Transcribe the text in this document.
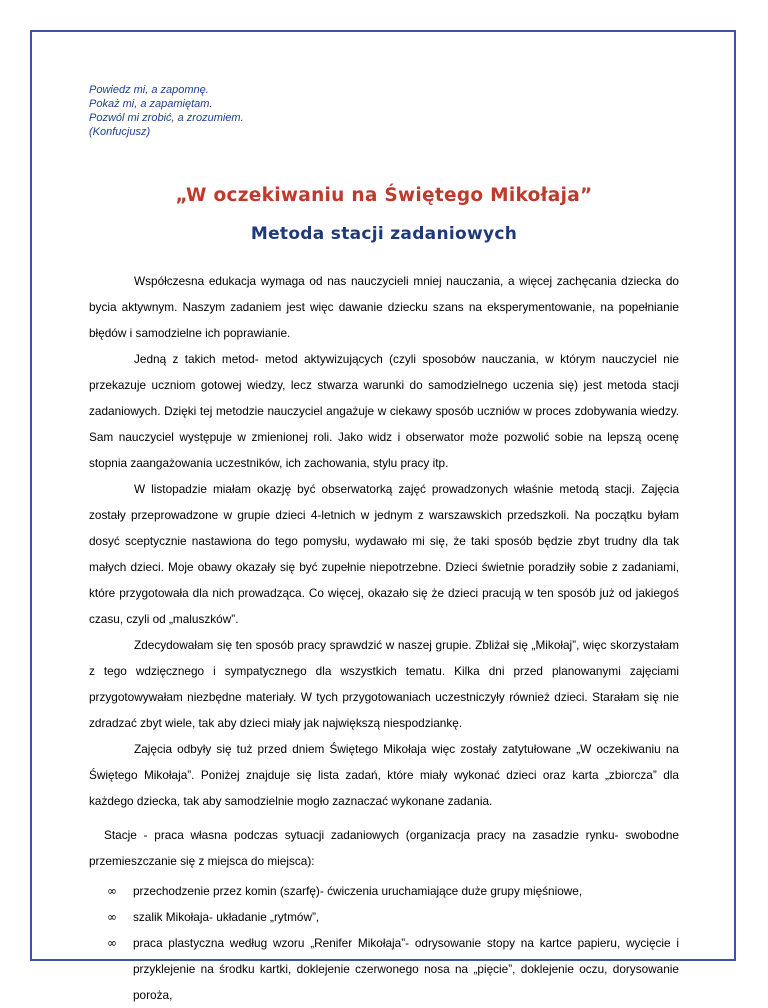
Powiedz mi, a zapomnę.
Pokaż mi, a zapamiętam.
Pozwól mi zrobić, a zrozumiem.
(Konfucjusz)
„W oczekiwaniu na Świętego Mikołaja”
Metoda stacji zadaniowych

Współczesna edukacja wymaga od nas nauczycieli mniej nauczania, a więcej zachęcania dziecka do bycia aktywnym. Naszym zadaniem jest więc dawanie dziecku szans na eksperymentowanie, na popełnianie błędów i samodzielne ich poprawianie.

Jedną z takich metod- metod aktywizujących (czyli sposobów nauczania, w którym nauczyciel nie przekazuje uczniom gotowej wiedzy, lecz stwarza warunki do samodzielnego uczenia się) jest metoda stacji zadaniowych. Dzięki tej metodzie nauczyciel angażuje w ciekawy sposób uczniów w proces zdobywania wiedzy. Sam nauczyciel występuje w zmienionej roli. Jako widz i obserwator może pozwolić sobie na lepszą ocenę stopnia zaangażowania uczestników, ich zachowania, stylu pracy itp.

W listopadzie miałam okazję być obserwatorką zajęć prowadzonych właśnie metodą stacji. Zajęcia zostały przeprowadzone w grupie dzieci 4-letnich w jednym z warszawskich przedszkoli. Na początku byłam dosyć sceptycznie nastawiona do tego pomysłu, wydawało mi się, że taki sposób będzie zbyt trudny dla tak małych dzieci. Moje obawy okazały się być zupełnie niepotrzebne. Dzieci świetnie poradziły sobie z zadaniami, które przygotowała dla nich prowadząca. Co więcej, okazało się że dzieci pracują w ten sposób już od jakiegoś czasu, czyli od „maluszków”.

Zdecydowałam się ten sposób pracy sprawdzić w naszej grupie. Zbliżał się „Mikołaj”, więc skorzystałam z tego wdzięcznego i sympatycznego dla wszystkich tematu. Kilka dni przed planowanymi zajęciami przygotowywałam niezbędne materiały. W tych przygotowaniach uczestniczyły również dzieci. Starałam się nie zdradzać zbyt wiele, tak aby dzieci miały jak największą niespodziankę.

Zajęcia odbyły się tuż przed dniem Świętego Mikołaja więc zostały zatytułowane „W oczekiwaniu na Świętego Mikołaja”. Poniżej znajduje się lista zadań, które miały wykonać dzieci oraz karta „zbiorcza” dla każdego dziecka, tak aby samodzielnie mogło zaznaczać wykonane zadania.

Stacje - praca własna podczas sytuacji zadaniowych (organizacja pracy na zasadzie rynku- swobodne przemieszczanie się z miejsca do miejsca):

∞ przechodzenie przez komin (szarfę)- ćwiczenia uruchamiające duże grupy mięśniowe,
∞ szalik Mikołaja- układanie „rytmów”,
∞ praca plastyczna według wzoru „Renifer Mikołaja”- odrysowanie stopy na kartce papieru, wycięcie i przyklejenie na środku kartki, doklejenie czerwonego nosa na „pięcie”, doklejenie oczu, dorysowanie poroża,
